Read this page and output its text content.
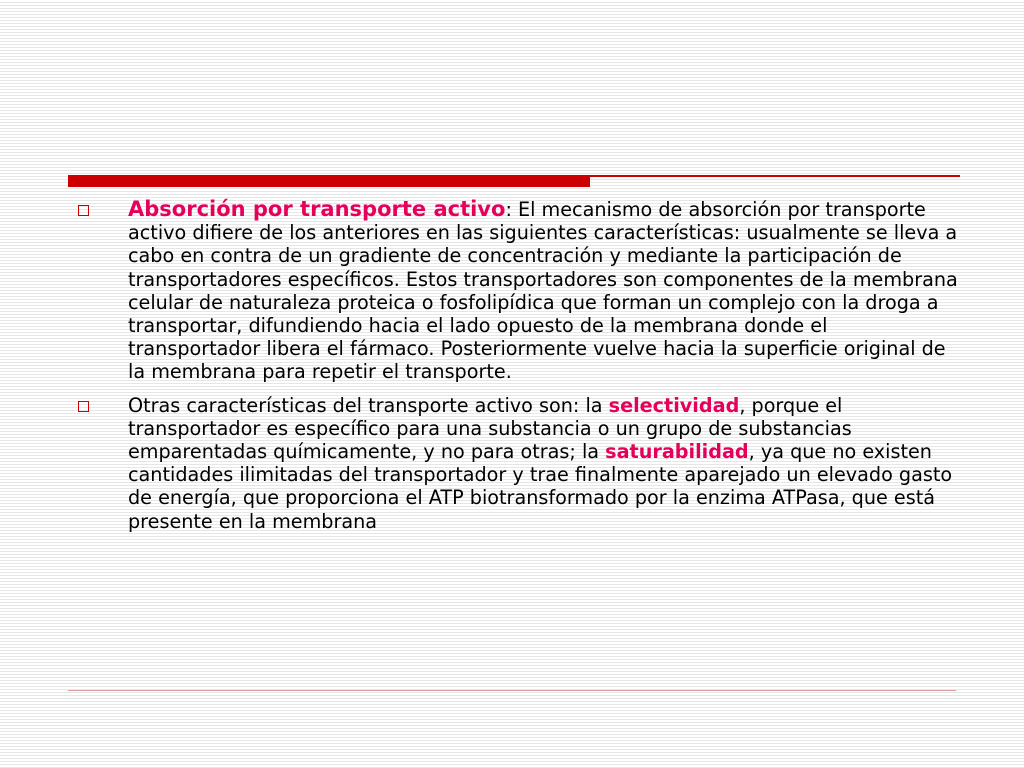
Absorción por transporte activo: El mecanismo de absorción por transporte activo difiere de los anteriores en las siguientes características: usualmente se lleva a cabo en contra de un gradiente de concentración y mediante la participación de transportadores específicos. Estos transportadores son componentes de la membrana celular de naturaleza proteica o fosfolipídica que forman un complejo con la droga a transportar, difundiendo hacia el lado opuesto de la membrana donde el transportador libera el fármaco. Posteriormente vuelve hacia la superficie original de la membrana para repetir el transporte.
Otras características del transporte activo son: la selectividad, porque el transportador es específico para una substancia o un grupo de substancias emparentadas químicamente, y no para otras; la saturabilidad, ya que no existen cantidades ilimitadas del transportador y trae finalmente aparejado un elevado gasto de energía, que proporciona el ATP biotransformado por la enzima ATPasa, que está presente en la membrana
